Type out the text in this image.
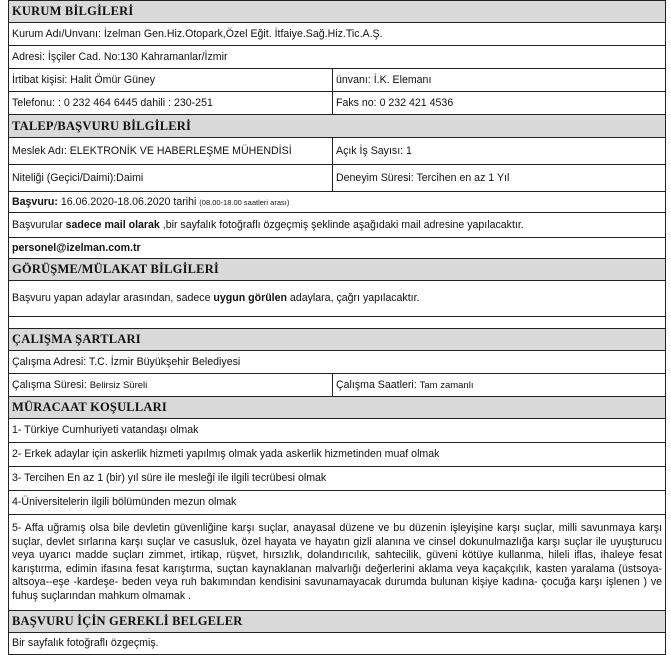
KURUM BİLGİLERİ	
Kurum Adı/Unvanı: İzelman Gen.Hiz.Otopark,Özel Eğit. İtfaiye.Sağ.Hiz.Tic.A.Ş.	
Adresi: İşçiler Cad. No:130 Kahramanlar/İzmir	
İrtibat kişisi: Halit Ömür Güney	ünvanı: İ.K. Elemanı
Telefonu: : 0 232 464 6445 dahili : 230-251	Faks no: 0 232 421 4536
TALEP/BAŞVURU BİLGİLERİ	
Meslek Adı: ELEKTRONİK VE HABERLEŞME MÜHENDİSİ	Açık İş Sayısı: 1
Niteliği (Geçici/Daimi):Daimi	Deneyim Süresi: Tercihen en az 1 Yıl
Başvuru: 16.06.2020-18.06.2020 tarihi (08.00-18.00 saatleri arası)	
Başvurular sadece mail olarak ,bir sayfalık fotoğraflı özgeçmiş şeklinde aşağıdaki mail adresine yapılacaktır.	
personel@izelman.com.tr	
GÖRÜŞME/MÜLAKAT BİLGİLERİ	
Başvuru yapan adaylar arasından, sadece uygun görülen adaylara, çağrı yapılacaktır.	

ÇALIŞMA ŞARTLARI	
Çalışma Adresi: T.C. İzmir Büyükşehir Belediyesi	
Çalışma Süresi: Belirsiz Süreli	Çalışma Saatleri: Tam zamanlı
MÜRACAAT KOŞULLARI	
1- Türkiye Cumhuriyeti vatandaşı olmak	
2- Erkek adaylar için askerlik hizmeti yapılmış olmak yada askerlik hizmetinden muaf olmak	
3- Tercihen En az 1 (bir) yıl süre ile mesleği ile ilgili tecrübesi olmak	
4-Üniversitelerin ilgili bölümünden mezun olmak	
5- Affa uğramış olsa bile devletin güvenliğine karşı suçlar, anayasal düzene ve bu düzenin işleyişine karşı suçlar, milli savunmaya karşı suçlar, devlet sırlarına karşı suçlar ve casusluk, özel hayata ve hayatın gizli alanına ve cinsel dokunulmazlığa karşı suçlar ile uyuşturucu veya uyarıcı madde suçları zimmet, irtikap, rüşvet, hırsızlık, dolandırıcılık, sahtecilik, güveni kötüye kullanma, hileli iflas, ihaleye fesat karıştırma, edimin ifasına fesat karıştırma, suçtan kaynaklanan malvarlığı değerlerini aklama veya kaçakçılık, kasten yaralama (üstsoya-altsoya--eşe -kardeşe- beden veya ruh bakımından kendisini savunamayacak durumda bulunan kişiye kadına- çocuğa karşı işlenen ) ve fuhuş suçlarından mahkum olmamak .	
BAŞVURU İÇİN GEREKLİ BELGELER	
Bir sayfalık fotoğraflı özgeçmiş.	
